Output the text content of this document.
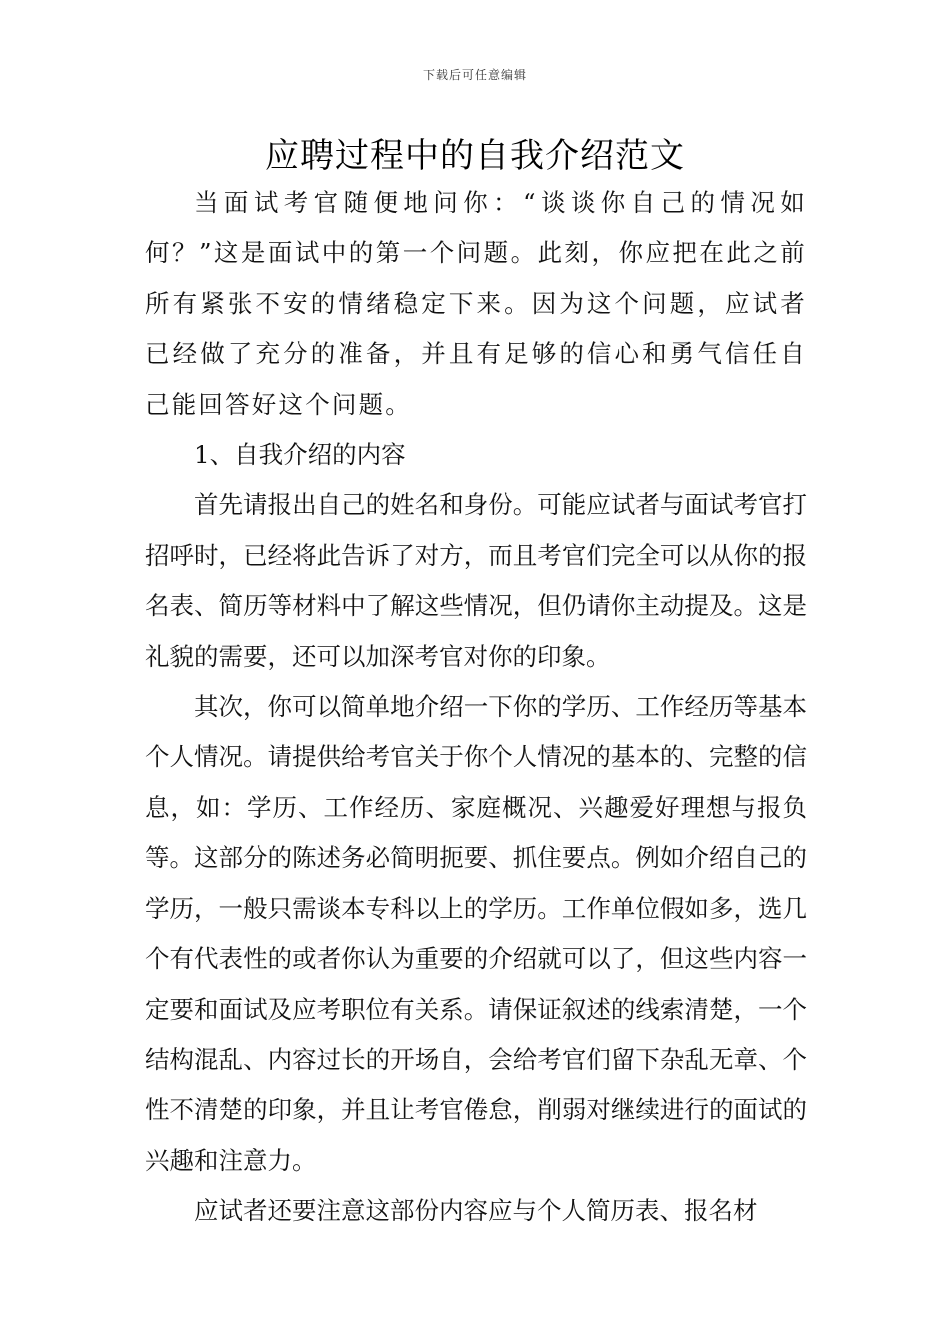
下载后可任意编辑
应聘过程中的自我介绍范文

当面试考官随便地问你：“谈谈你自己的情况如何？”这是面试中的第一个问题。此刻，你应把在此之前所有紧张不安的情绪稳定下来。因为这个问题，应试者已经做了充分的准备，并且有足够的信心和勇气信任自己能回答好这个问题。

1、自我介绍的内容

首先请报出自己的姓名和身份。可能应试者与面试考官打招呼时，已经将此告诉了对方，而且考官们完全可以从你的报名表、简历等材料中了解这些情况，但仍请你主动提及。这是礼貌的需要，还可以加深考官对你的印象。

其次，你可以简单地介绍一下你的学历、工作经历等基本个人情况。请提供给考官关于你个人情况的基本的、完整的信息，如：学历、工作经历、家庭概况、兴趣爱好理想与报负等。这部分的陈述务必简明扼要、抓住要点。例如介绍自己的学历，一般只需谈本专科以上的学历。工作单位假如多，选几个有代表性的或者你认为重要的介绍就可以了，但这些内容一定要和面试及应考职位有关系。请保证叙述的线索清楚，一个结构混乱、内容过长的开场自，会给考官们留下杂乱无章、个性不清楚的印象，并且让考官倦怠，削弱对继续进行的面试的兴趣和注意力。

应试者还要注意这部份内容应与个人简历表、报名材
